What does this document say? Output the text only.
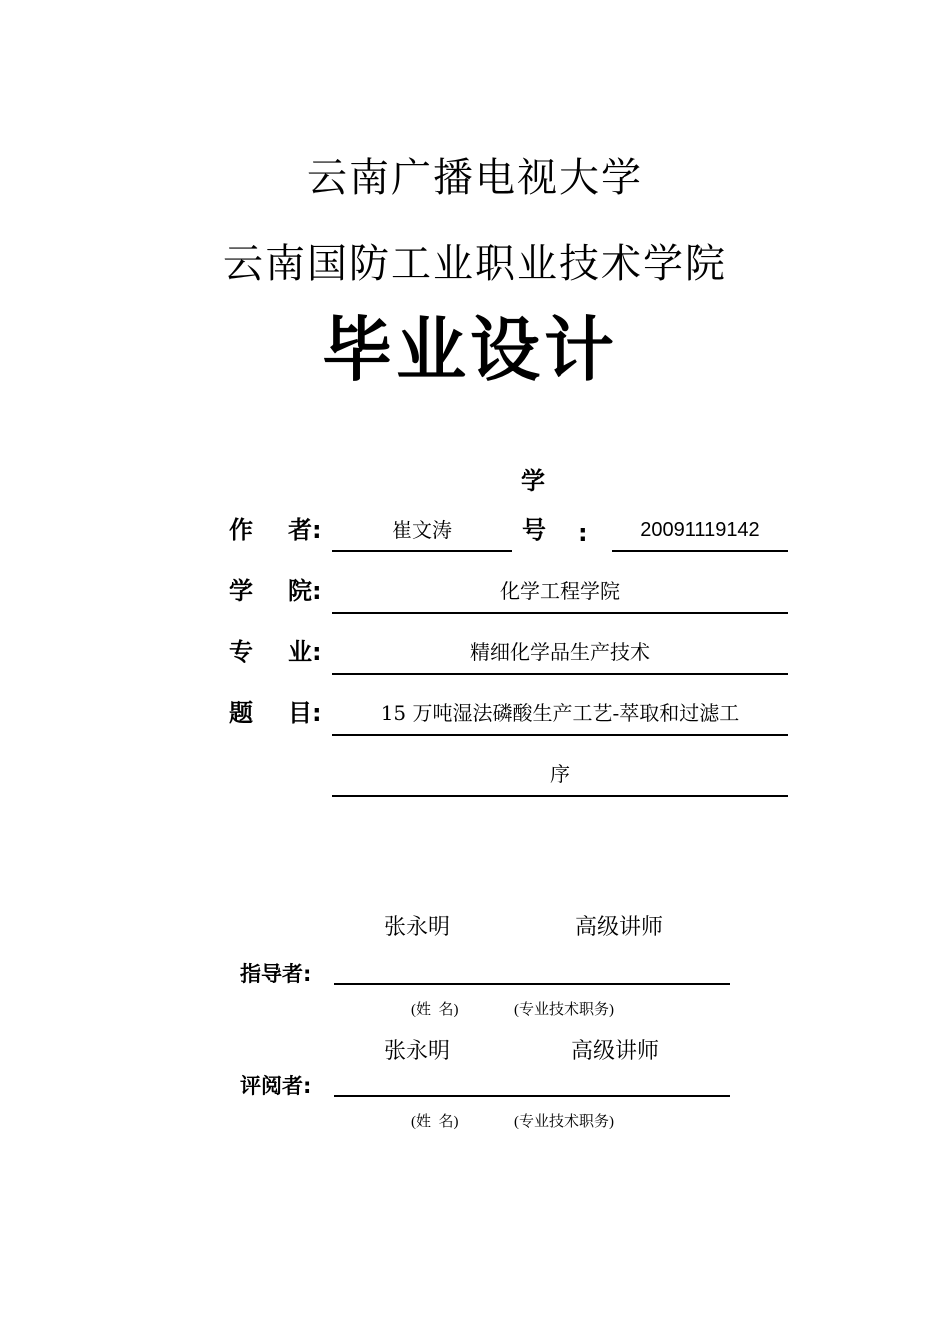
云南广播电视大学
云南国防工业职业技术学院
毕业设计
学
作 者:	崔文涛	号 :	20091119142
学 院:	化学工程学院
专 业:	精细化学品生产技术
题 目:	15 万吨湿法磷酸生产工艺-萃取和过滤工
序
张永明	高级讲师
指导者:
(姓  名)	(专业技术职务)
张永明	高级讲师
评阅者:
(姓  名)	(专业技术职务)
